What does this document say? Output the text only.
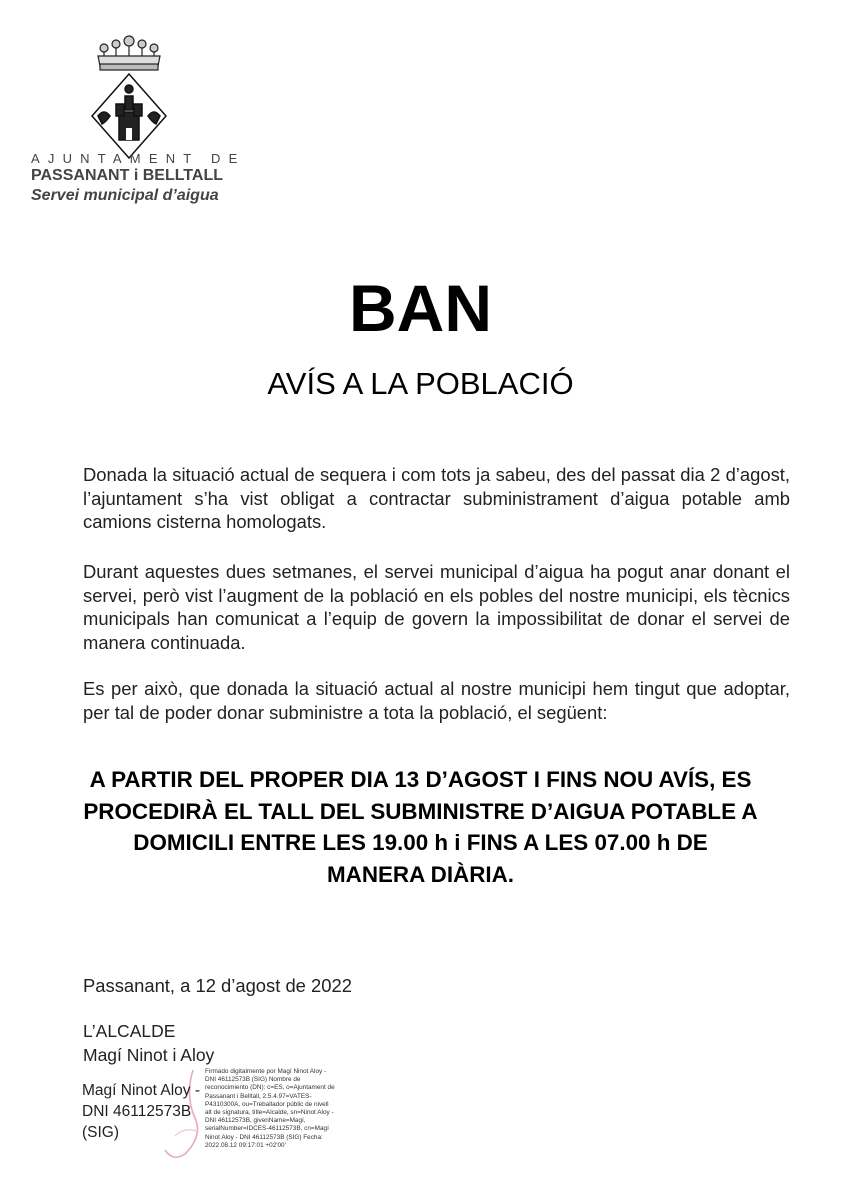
AJUNTAMENT DE
PASSANANT i BELLTALL
Servei municipal d’aigua
BAN
AVÍS A LA POBLACIÓ

Donada la situació actual de sequera i com tots ja sabeu, des del passat dia 2 d’agost, l’ajuntament s’ha vist obligat a contractar subministrament d’aigua potable amb camions cisterna homologats.

Durant aquestes dues setmanes, el servei municipal d’aigua ha pogut anar donant el servei, però vist l’augment de la població en els pobles del nostre municipi, els tècnics municipals han comunicat a l’equip de govern la impossibilitat de donar el servei de manera continuada.

Es per això, que donada la situació actual al nostre municipi hem tingut que adoptar, per tal de poder donar subministre a tota la població, el següent:

A PARTIR DEL PROPER DIA 13 D’AGOST I FINS NOU AVÍS, ES PROCEDIRÀ EL TALL DEL SUBMINISTRE D’AIGUA POTABLE A DOMICILI ENTRE LES 19.00 h i FINS A LES 07.00 h DE MANERA DIÀRIA.

Passanant, a 12 d’agost de 2022
L’ALCALDE
Magí Ninot i Aloy

Magí Ninot Aloy - DNI 46112573B (SIG)

Firmado digitalmente por Magí Ninot Aloy - DNI 46112573B (SIG) Nombre de reconocimiento (DN): c=ES, o=Ajuntament de Passanant i Belltall, 2.5.4.97=VATES-P4310300A, ou=Treballador públic de nivell alt de signatura, title=Alcalde, sn=Ninot Aloy - DNI 46112573B, givenName=Magí, serialNumber=IDCES-46112573B, cn=Magí Ninot Aloy - DNI 46112573B (SIG) Fecha: 2022.08.12 09:17:01 +02'00'
